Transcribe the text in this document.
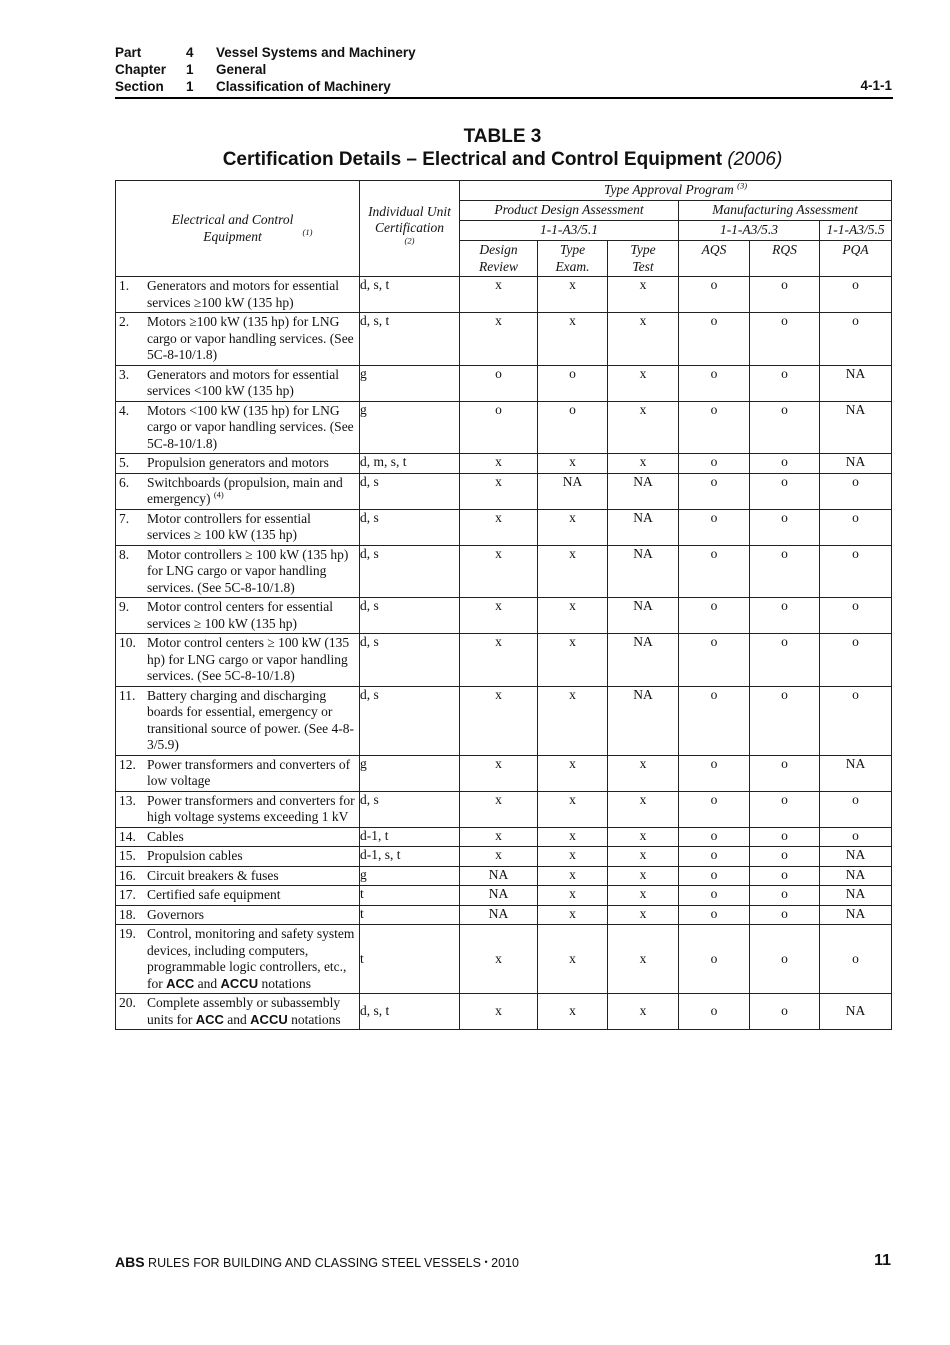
Part	4 Vessel Systems and Machinery
Chapter 1 General
Section 1 Classification of Machinery	4-1-1
TABLE 3
Certification Details – Electrical and Control Equipment (2006)
Electrical and Control Equipment $^{(1)}$	Individual Unit Certification$^{(2)}$	Type Approval Program $^{(3)}$
		Product Design Assessment			Manufacturing Assessment		
		1-1-A3/5.1			1-1-A3/5.3		1-1-A3/5.5
		Design Review	Type Exam.	Type Test	AQS	RQS	PQA

1. Generators and motors for essential services ≥100 kW (135 hp)	d, s, t	x	x	x	o	o	o

2. Motors ≥100 kW (135 hp) for LNG cargo or vapor handling services. (See 5C-8-10/1.8)	d, s, t	x	x	x	o	o	o

3. Generators and motors for essential services <100 kW (135 hp)	g	o	o	x	o	o	NA

4. Motors <100 kW (135 hp) for LNG cargo or vapor handling services. (See 5C-8-10/1.8)	g	o	o	x	o	o	NA

5. Propulsion generators and motors	d, m, s, t	x	x	x	o	o	NA

6. Switchboards (propulsion, main and emergency) $^{(4)}$	d, s	x	NA	NA	o	o	o

7. Motor controllers for essential services ≥ 100 kW (135 hp)	d, s	x	x	NA	o	o	o

8. Motor controllers ≥ 100 kW (135 hp) for LNG cargo or vapor handling services. (See 5C-8-10/1.8)	d, s	x	x	NA	o	o	o

9. Motor control centers for essential services ≥ 100 kW (135 hp)	d, s	x	x	NA	o	o	o

10. Motor control centers ≥ 100 kW (135 hp) for LNG cargo or vapor handling services. (See 5C-8-10/1.8)	d, s	x	x	NA	o	o	o

11. Battery charging and discharging boards for essential, emergency or transitional source of power. (See 4-8-3/5.9)	d, s	x	x	NA	o	o	o

12. Power transformers and converters of low voltage	g	x	x	x	o	o	NA

13. Power transformers and converters for high voltage systems exceeding 1 kV	d, s	x	x	x	o	o	o

14. Cables	d-1, t	x	x	x	o	o	o

15. Propulsion cables	d-1, s, t	x	x	x	o	o	NA

16. Circuit breakers & fuses	g	NA	x	x	o	o	NA

17. Certified safe equipment	t	NA	x	x	o	o	NA

18. Governors	t	NA	x	x	o	o	NA

19. Control, monitoring and safety system devices, including computers, programmable logic controllers, etc., for ACC and ACCU notations	t	x	x	x	o	o	o

20. Complete assembly or subassembly units for ACC and ACCU notations	d, s, t	x	x	x	o	o	NA
ABS RULES FOR BUILDING AND CLASSING STEEL VESSELS • 2010	11
